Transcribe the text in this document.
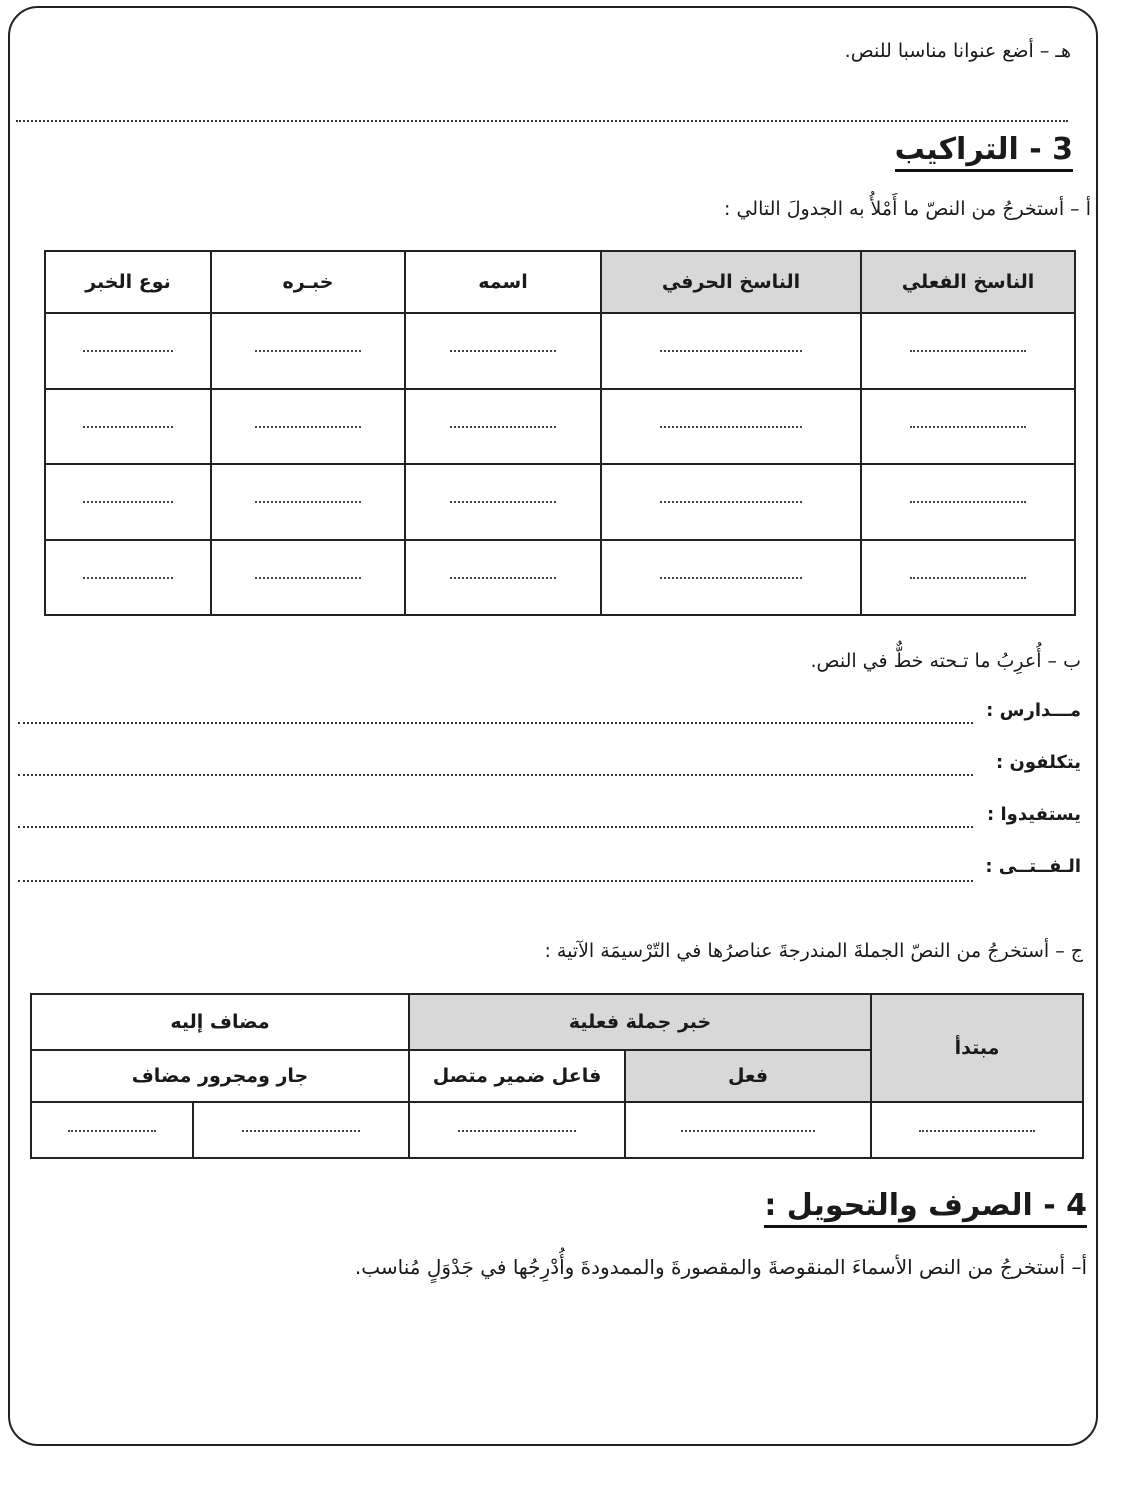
هـ – أضع عنوانا مناسبا للنص.
3 - التراكيب
أ – أستخرجُ من النصّ ما أَمْلأُ به الجدولَ التالي :
الناسخ الفعلي	الناسخ الحرفي	اسمه	خبـره	نوع الخبر

ب – أُعرِبُ ما تـحته خطٌّ في النص.
مـــدارس :
يتكلفون :
يستفيدوا :
الـفــتــى :
ج – أستخرجُ من النصّ الجملةَ المندرجةَ عناصرُها في التّرْسيمَة الآتية :
مبتدأ	خبر جملة فعلية		مضاف إليه	
	فعل	فاعل ضمير متصل	جار ومجرور مضاف	

4 - الصرف والتحويل :
أ– أستخرجُ من النص الأسماءَ المنقوصةَ والمقصورةَ والممدودةَ وأُدْرِجُها في جَدْوَلٍ مُناسب.
